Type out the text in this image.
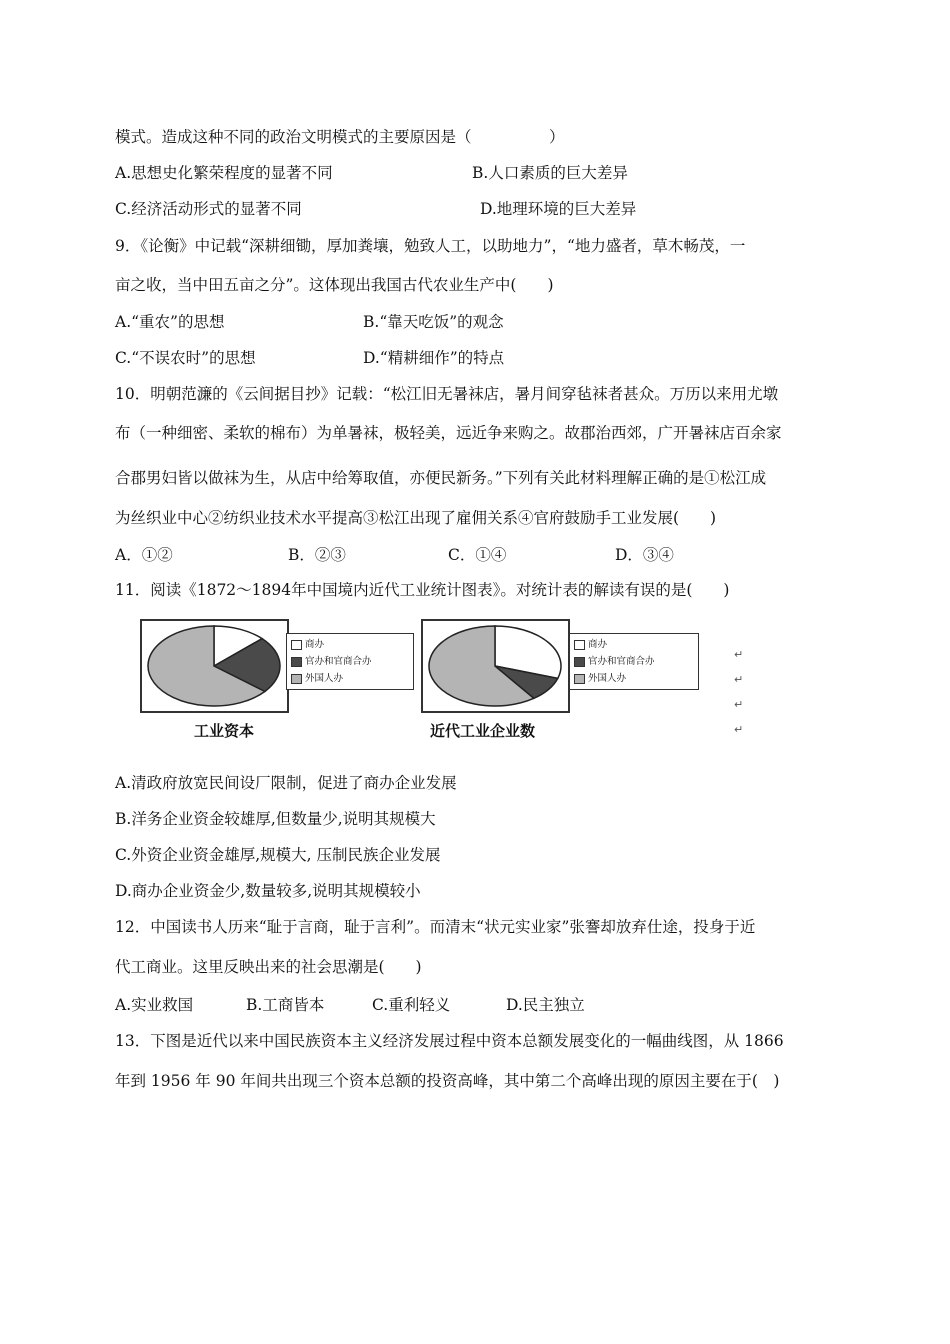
模式。造成这种不同的政治文明模式的主要原因是（　　　　　）
A.思想史化繁荣程度的显著不同	B.人口素质的巨大差异
C.经济活动形式的显著不同	D.地理环境的巨大差异
9．《论衡》中记载“深耕细锄，厚加粪壤，勉致人工，以助地力”，“地力盛者，草木畅茂，一
亩之收，当中田五亩之分”。这体现出我国古代农业生产中(　　)
A.“重农”的思想	B.“靠天吃饭”的观念
C.“不误农时”的思想	D.“精耕细作”的特点
10．明朝范濂的《云间据目抄》记载：“松江旧无暑袜店，暑月间穿毡袜者甚众。万历以来用尤墩
布（一种细密、柔软的棉布）为单暑袜，极轻美，远近争来购之。故郡治西郊，广开暑袜店百余家
合郡男妇皆以做袜为生，从店中给筹取值，亦便民新务。”下列有关此材料理解正确的是①松江成
为丝织业中心②纺织业技术水平提高③松江出现了雇佣关系④官府鼓励手工业发展(　　)
A．①②	B．②③	C．①④	D．③④
11．阅读《1872～1894年中国境内近代工业统计图表》。对统计表的解读有误的是(　　)
商办
官办和官商合办
外国人办
工业资本
商办
官办和官商合办
外国人办
近代工业企业数
↵
↵
↵
↵
A.清政府放宽民间设厂限制，促进了商办企业发展
B.洋务企业资金较雄厚,但数量少,说明其规模大
C.外资企业资金雄厚,规模大, 压制民族企业发展
D.商办企业资金少,数量较多,说明其规模较小
12．中国读书人历来“耻于言商，耻于言利”。而清末“状元实业家”张謇却放弃仕途，投身于近
代工商业。这里反映出来的社会思潮是(　　)
A.实业救国	B.工商皆本	C.重利轻义	D.民主独立
13．下图是近代以来中国民族资本主义经济发展过程中资本总额发展变化的一幅曲线图，从 1866
年到 1956 年 90 年间共出现三个资本总额的投资高峰，其中第二个高峰出现的原因主要在于(　)
